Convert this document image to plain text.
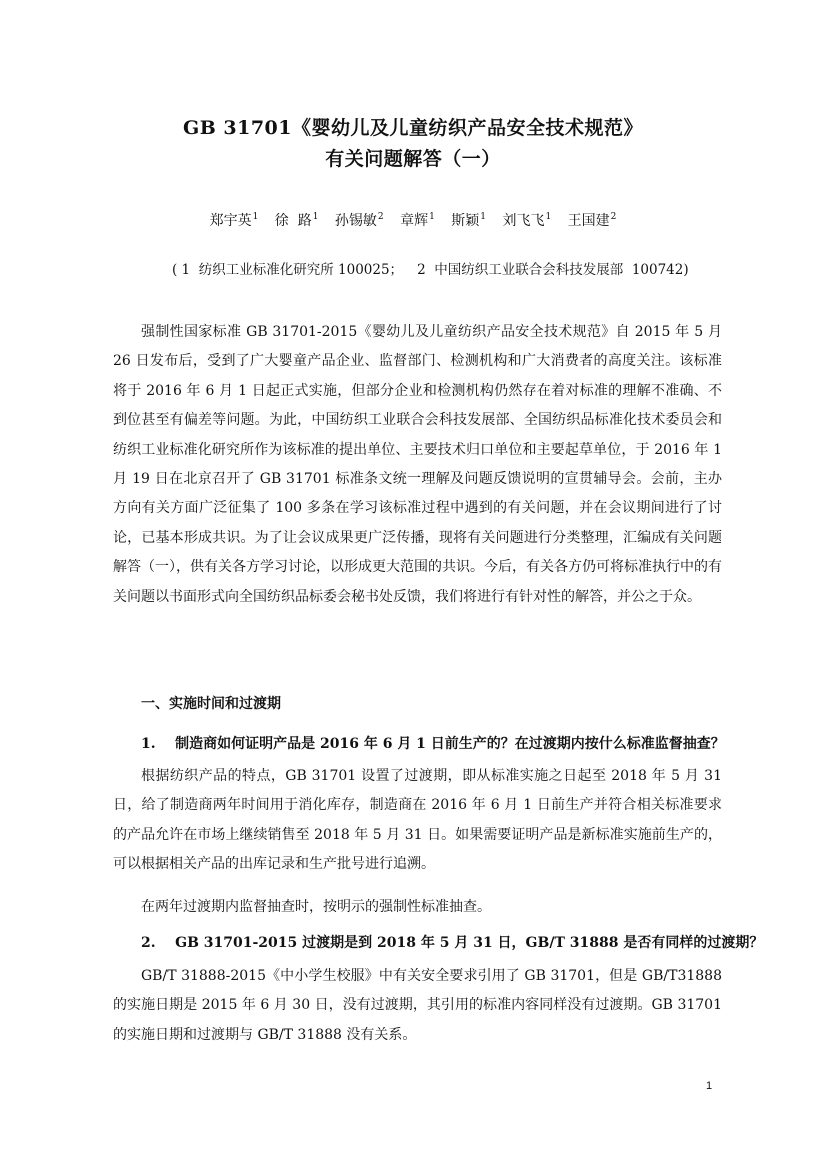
GB 31701《婴幼儿及儿童纺织产品安全技术规范》
有关问题解答（一）
郑宇英$^1$ 徐  路$^1$ 孙锡敏$^2$ 章辉$^1$ 斯颖$^1$ 刘飞飞$^1$ 王国建$^2$
( 1  纺织工业标准化研究所 100025； 2  中国纺织工业联合会科技发展部  100742)

强制性国家标准 GB 31701-2015《婴幼儿及儿童纺织产品安全技术规范》自 2015 年 5 月 26 日发布后，受到了广大婴童产品企业、监督部门、检测机构和广大消费者的高度关注。该标准将于 2016 年 6 月 1 日起正式实施，但部分企业和检测机构仍然存在着对标准的理解不准确、不到位甚至有偏差等问题。为此，中国纺织工业联合会科技发展部、全国纺织品标准化技术委员会和纺织工业标准化研究所作为该标准的提出单位、主要技术归口单位和主要起草单位，于 2016 年 1 月 19 日在北京召开了 GB 31701 标准条文统一理解及问题反馈说明的宣贯辅导会。会前，主办方向有关方面广泛征集了 100 多条在学习该标准过程中遇到的有关问题，并在会议期间进行了讨论，已基本形成共识。为了让会议成果更广泛传播，现将有关问题进行分类整理，汇编成有关问题解答（一），供有关各方学习讨论，以形成更大范围的共识。今后，有关各方仍可将标准执行中的有关问题以书面形式向全国纺织品标委会秘书处反馈，我们将进行有针对性的解答，并公之于众。

一、实施时间和过渡期
1.    制造商如何证明产品是 2016 年 6 月 1 日前生产的？在过渡期内按什么标准监督抽查？

根据纺织产品的特点，GB 31701 设置了过渡期，即从标准实施之日起至 2018 年 5 月 31 日，给了制造商两年时间用于消化库存，制造商在 2016 年 6 月 1 日前生产并符合相关标准要求的产品允许在市场上继续销售至 2018 年 5 月 31 日。如果需要证明产品是新标准实施前生产的，可以根据相关产品的出库记录和生产批号进行追溯。

在两年过渡期内监督抽查时，按明示的强制性标准抽查。
2.    GB 31701-2015 过渡期是到 2018 年 5 月 31 日，GB/T 31888 是否有同样的过渡期？

GB/T 31888-2015《中小学生校服》中有关安全要求引用了 GB 31701，但是 GB/T31888 的实施日期是 2015 年 6 月 30 日，没有过渡期，其引用的标准内容同样没有过渡期。GB 31701 的实施日期和过渡期与 GB/T 31888 没有关系。

1
